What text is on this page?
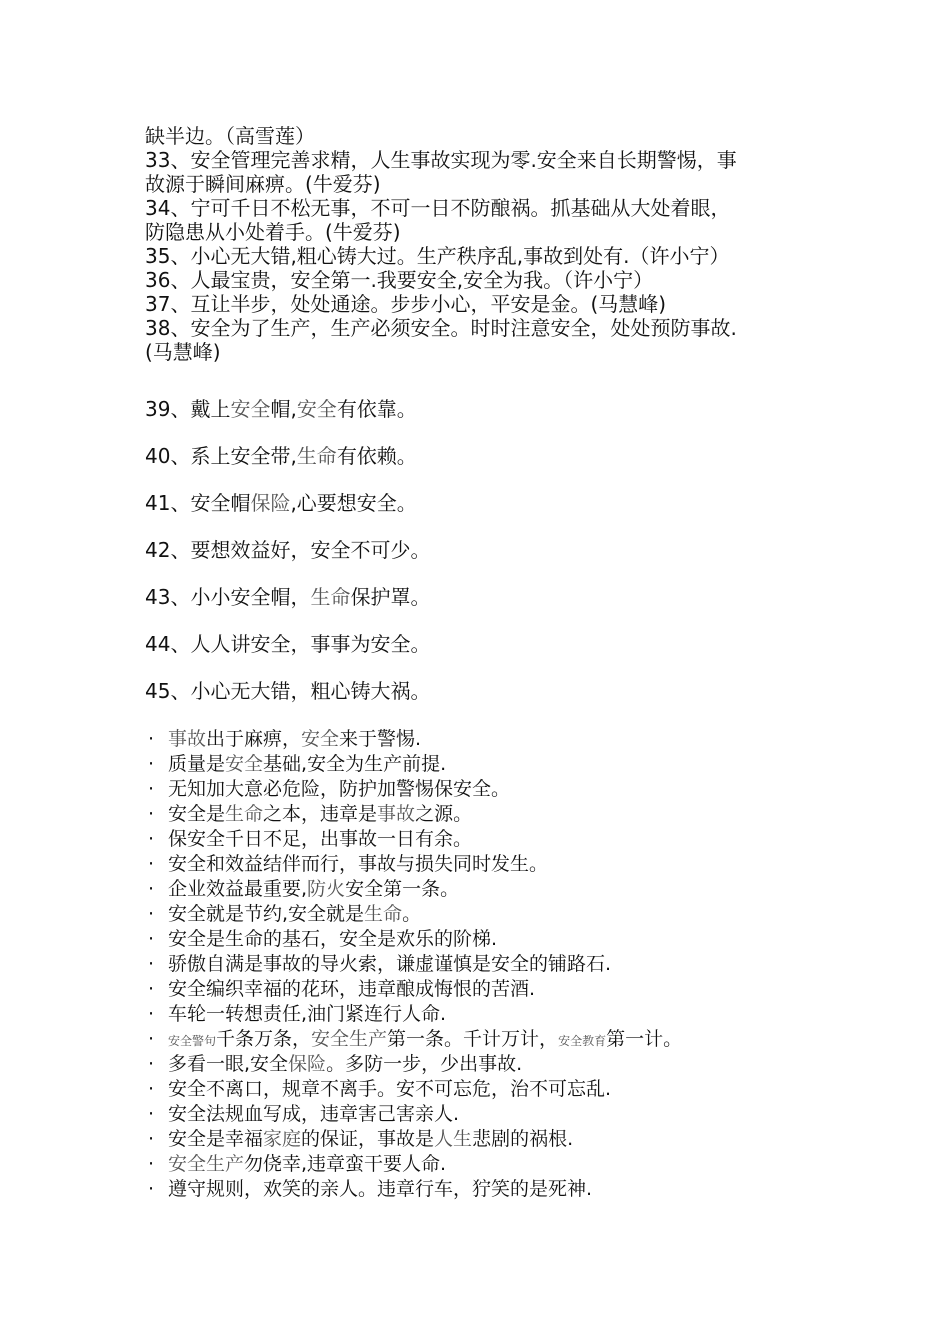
缺半边。（高雪莲）
33、安全管理完善求精，人生事故实现为零.安全来自长期警惕，事
故源于瞬间麻痹。(牛爱芬)
34、宁可千日不松无事，不可一日不防酿祸。抓基础从大处着眼，
防隐患从小处着手。(牛爱芬)
35、小心无大错,粗心铸大过。生产秩序乱,事故到处有.（许小宁）
36、人最宝贵，安全第一.我要安全,安全为我。（许小宁）
37、互让半步，处处通途。步步小心，平安是金。(马慧峰)
38、安全为了生产，生产必须安全。时时注意安全，处处预防事故.
(马慧峰)
39、戴上安全帽,安全有依靠。
40、系上安全带,生命有依赖。
41、安全帽保险,心要想安全。
42、要想效益好，安全不可少。
43、小小安全帽，生命保护罩。
44、人人讲安全，事事为安全。
45、小心无大错，粗心铸大祸。
· 事故出于麻痹，安全来于警惕.
· 质量是安全基础,安全为生产前提.
· 无知加大意必危险，防护加警惕保安全。
· 安全是生命之本，违章是事故之源。
· 保安全千日不足，出事故一日有余。
· 安全和效益结伴而行，事故与损失同时发生。
· 企业效益最重要,防火安全第一条。
· 安全就是节约,安全就是生命。
· 安全是生命的基石，安全是欢乐的阶梯.
· 骄傲自满是事故的导火索，谦虚谨慎是安全的铺路石.
· 安全编织幸福的花环，违章酿成悔恨的苦酒.
· 车轮一转想责任,油门紧连行人命.
· 安全警句千条万条，安全生产第一条。千计万计，安全教育第一计。
· 多看一眼,安全保险。多防一步，少出事故.
· 安全不离口，规章不离手。安不可忘危，治不可忘乱.
· 安全法规血写成，违章害己害亲人.
· 安全是幸福家庭的保证，事故是人生悲剧的祸根.
· 安全生产勿侥幸,违章蛮干要人命.
· 遵守规则，欢笑的亲人。违章行车，狞笑的是死神.
